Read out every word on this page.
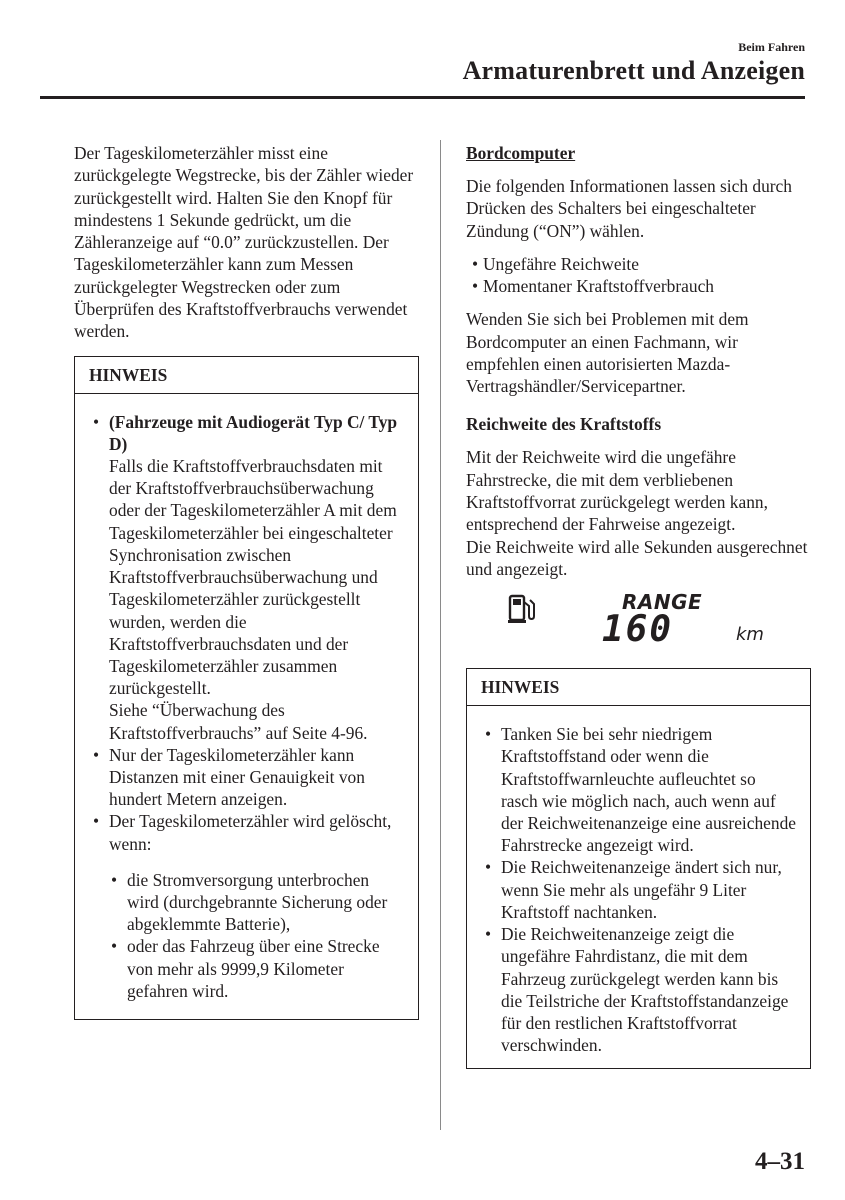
Beim Fahren
Armaturenbrett und Anzeigen

Der Tageskilometerzähler misst eine zurückgelegte Wegstrecke, bis der Zähler wieder zurückgestellt wird. Halten Sie den Knopf für mindestens 1 Sekunde gedrückt, um die Zähleranzeige auf “0.0” zurückzustellen. Der Tageskilometerzähler kann zum Messen zurückgelegter Wegstrecken oder zum Überprüfen des Kraftstoffverbrauchs verwendet werden.

HINWEIS
• (Fahrzeuge mit Audiogerät Typ C/ Typ D)
Falls die Kraftstoffverbrauchsdaten mit der Kraftstoffverbrauchsüberwachung oder der Tageskilometerzähler A mit dem Tageskilometerzähler bei eingeschalteter Synchronisation zwischen Kraftstoffverbrauchsüberwachung und Tageskilometerzähler zurückgestellt wurden, werden die Kraftstoffverbrauchsdaten und der Tageskilometerzähler zusammen zurückgestellt.
Siehe “Überwachung des Kraftstoffverbrauchs” auf Seite 4-96.
• Nur der Tageskilometerzähler kann Distanzen mit einer Genauigkeit von hundert Metern anzeigen.
• Der Tageskilometerzähler wird gelöscht, wenn:
• die Stromversorgung unterbrochen wird (durchgebrannte Sicherung oder abgeklemmte Batterie),
• oder das Fahrzeug über eine Strecke von mehr als 9999,9 Kilometer gefahren wird.
Bordcomputer

Die folgenden Informationen lassen sich durch Drücken des Schalters bei eingeschalteter Zündung (“ON”) wählen.

• Ungefähre Reichweite
• Momentaner Kraftstoffverbrauch

Wenden Sie sich bei Problemen mit dem Bordcomputer an einen Fachmann, wir empfehlen einen autorisierten Mazda-Vertragshändler/Servicepartner.

Reichweite des Kraftstoffs

Mit der Reichweite wird die ungefähre Fahrstrecke, die mit dem verbliebenen Kraftstoffvorrat zurückgelegt werden kann, entsprechend der Fahrweise angezeigt.

Die Reichweite wird alle Sekunden ausgerechnet und angezeigt.

RANGE
160	km
HINWEIS
• Tanken Sie bei sehr niedrigem Kraftstoffstand oder wenn die Kraftstoffwarnleuchte aufleuchtet so rasch wie möglich nach, auch wenn auf der Reichweitenanzeige eine ausreichende Fahrstrecke angezeigt wird.
• Die Reichweitenanzeige ändert sich nur, wenn Sie mehr als ungefähr 9 Liter Kraftstoff nachtanken.
• Die Reichweitenanzeige zeigt die ungefähre Fahrdistanz, die mit dem Fahrzeug zurückgelegt werden kann bis die Teilstriche der Kraftstoffstandanzeige für den restlichen Kraftstoffvorrat verschwinden.
4–31
